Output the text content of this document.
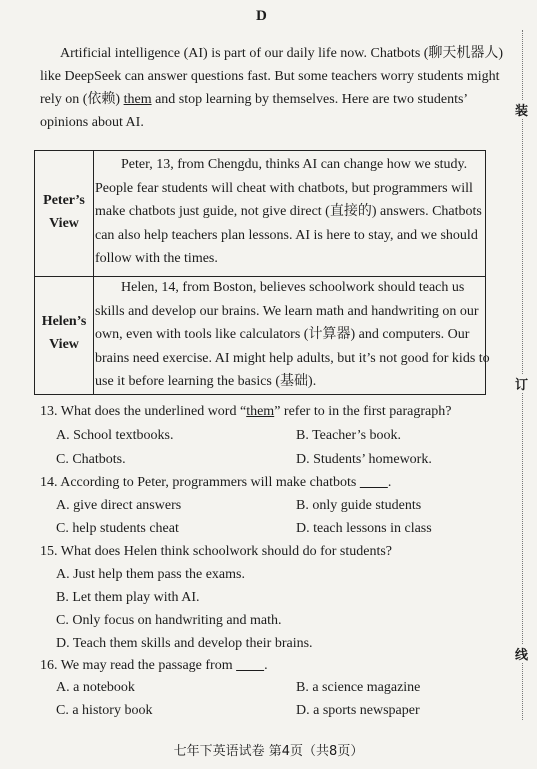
D

Artificial intelligence (AI) is part of our daily life now. Chatbots (聊天机器人)

like DeepSeek can answer questions fast. But some teachers worry students might

rely on (依赖) them and stop learning by themselves. Here are two students’

opinions about AI.

Peter’s
View
Peter, 13, from Chengdu, thinks AI can change how we study.
People fear students will cheat with chatbots, but programmers will
make chatbots just guide, not give direct (直接的) answers. Chatbots
can also help teachers plan lessons. AI is here to stay, and we should
follow with the times.
Helen’s
View
Helen, 14, from Boston, believes schoolwork should teach us
skills and develop our brains. We learn math and handwriting on our
own, even with tools like calculators (计算器) and computers. Our
brains need exercise. AI might help adults, but it’s not good for kids to
use it before learning the basics (基础).
13. What does the underlined word “them” refer to in the first paragraph?
A. School textbooks.	B. Teacher’s book.
C. Chatbots.	D. Students’ homework.
14. According to Peter, programmers will make chatbots         .
A. give direct answers	B. only guide students
C. help students cheat	D. teach lessons in class
15. What does Helen think schoolwork should do for students?
A. Just help them pass the exams.
B. Let them play with AI.
C. Only focus on handwriting and math.
D. Teach them skills and develop their brains.
16. We may read the passage from         .
A. a notebook	B. a science magazine
C. a history book	D. a sports newspaper
装
订
线
七年下英语试卷 第4页（共8页）
